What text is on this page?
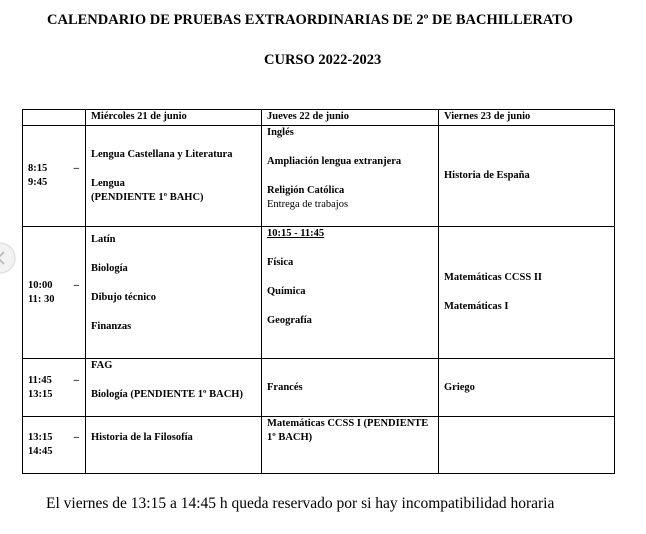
CALENDARIO DE PRUEBAS EXTRAORDINARIAS DE 2º DE BACHILLERATO
CURSO 2022-2023
	Miércoles 21 de junio	Jueves 22 de junio	Viernes 23 de junio

8:15 –
9:45	Lengua Castellana y Literatura
Lengua
(PENDIENTE 1º BAHC)	Inglés
Ampliación lengua extranjera
Religión Católica
Entrega de trabajos	Historia de España

10:00 –
11: 30	Latín
Biología
Dibujo técnico
Finanzas	10:15 - 11:45
Física
Química
Geografía	Matemáticas CCSS II
Matemáticas I

11:45 –
13:15	FAG
Biología (PENDIENTE 1º BACH)	Francés	Griego

13:15 –
14:45	Historia de la Filosofía	Matemáticas CCSS I (PENDIENTE
1º BACH)	

El viernes de 13:15 a 14:45 h queda reservado por si hay incompatibilidad horaria
